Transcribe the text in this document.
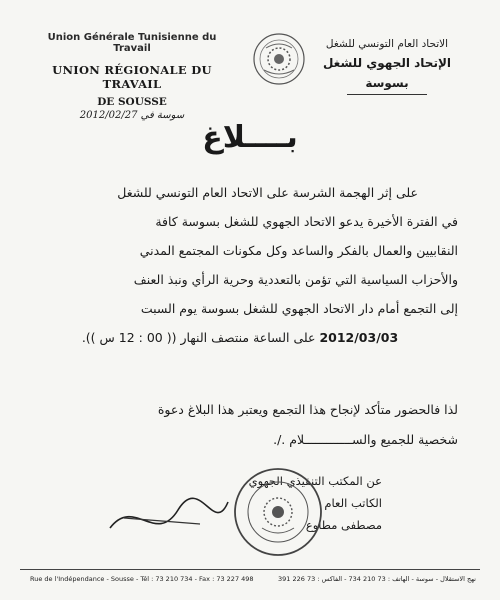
Union Générale Tunisienne du Travail
UNION RÉGIONALE DU TRAVAIL
DE SOUSSE
سوسة في 2012/02/27
الاتحاد العام التونسي للشغل
الإتحاد الجهوي للشغل
بسوسة
بــــلاغ
على إثر الهجمة الشرسة على الاتحاد العام التونسي للشغل
في الفترة الأخيرة يدعو الاتحاد الجهوي للشغل بسوسة كافة
النقابيين والعمال بالفكر والساعد وكل مكونات المجتمع المدني
والأحزاب السياسية التي تؤمن بالتعددية وحرية الرأي ونبذ العنف
إلى التجمع أمام دار الاتحاد الجهوي للشغل بسوسة يوم السبت
2012/03/03 على الساعة منتصف النهار (( 00 : 12 س )).
لذا فالحضور متأكد لإنجاح هذا التجمع ويعتبر هذا البلاغ دعوة
شخصية للجميع والســـــــــــــلام ./.
عن المكتب التنفيذي الجهوي
الكاتب العام
مصطفى مطاوع
Rue de l'Indépendance - Sousse - Tél : 73 210 734 - Fax : 73 227 498	نهج الاستقلال - سوسة - الهاتف : 73 210 734 - الفاكس : 73 226 391
